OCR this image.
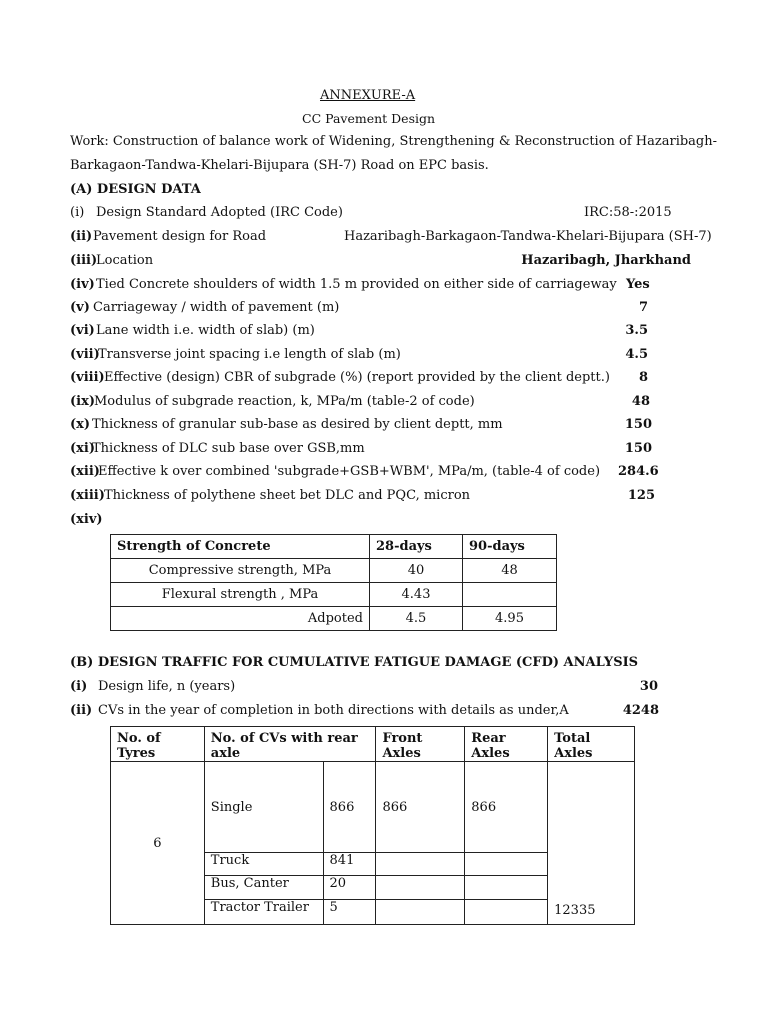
ANNEXURE-A
CC Pavement Design
Work: Construction of balance work of Widening, Strengthening & Reconstruction of Hazaribagh-
Barkagaon-Tandwa-Khelari-Bijupara (SH-7) Road on EPC basis.
(A) DESIGN DATA
(i) Design Standard Adopted (IRC Code)	IRC:58-:2015
(ii) Pavement design for Road	Hazaribagh-Barkagaon-Tandwa-Khelari-Bijupara (SH-7)
(iii)
Location	Hazaribagh, Jharkhand
(iv) Tied Concrete shoulders of width 1.5 m provided on either side of carriageway Yes
(v) Carriageway / width of pavement (m)	7
(vi) Lane width i.e. width of slab) (m)	3.5
(vii)
Transverse joint spacing i.e length of slab (m)	4.5
(viii) Effective (design) CBR of subgrade (%) (report provided by the client deptt.)	8
(ix) Modulus of subgrade reaction, k, MPa/m (table-2 of code)	48
(x) Thickness of granular sub-base as desired by client deptt, mm	150
(xi)
Thickness of DLC sub base over GSB,mm	150
(xii)
Effective k over combined 'subgrade+GSB+WBM', MPa/m, (table-4 of code) 284.6
(xiii) Thickness of polythene sheet bet DLC and PQC, micron	125
(xiv)
Strength of Concrete	28-days	90-days
Compressive strength, MPa	40	48
Flexural strength , MPa	4.43	
Adpoted	4.5	4.95
(B) DESIGN TRAFFIC FOR CUMULATIVE FATIGUE DAMAGE (CFD) ANALYSIS
(i) Design life, n (years)	30
(ii) CVs in the year of completion in both directions with details as under,A	4248
No. of Tyres	No. of CVs with rear axle		Front Axles	Rear Axles	Total Axles
6	Single	866	866	866	12335
	Truck	841			
	Bus, Canter	20			
	Tractor Trailer	5			
